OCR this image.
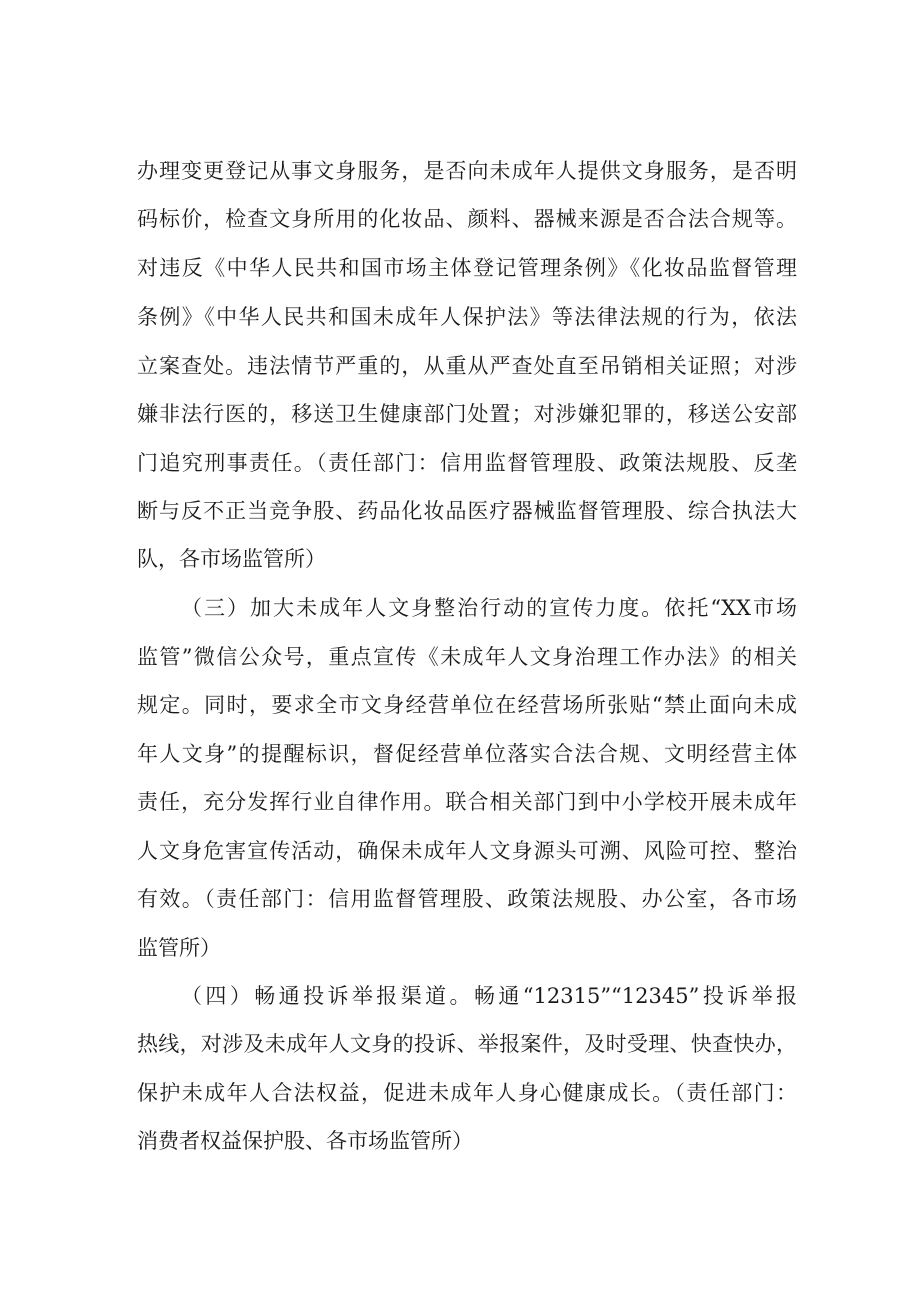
办理变更登记从事文身服务，是否向未成年人提供文身服务，是否明
码标价，检查文身所用的化妆品、颜料、器械来源是否合法合规等。
对违反《中华人民共和国市场主体登记管理条例》《化妆品监督管理
条例》《中华人民共和国未成年人保护法》等法律法规的行为，依法
立案查处。违法情节严重的，从重从严查处直至吊销相关证照；对涉
嫌非法行医的，移送卫生健康部门处置；对涉嫌犯罪的，移送公安部
门追究刑事责任。（责任部门：信用监督管理股、政策法规股、反垄
断与反不正当竞争股、药品化妆品医疗器械监督管理股、综合执法大
队，各市场监管所）
（三）加大未成年人文身整治行动的宣传力度。依托“XX市场
监管”微信公众号，重点宣传《未成年人文身治理工作办法》的相关
规定。同时，要求全市文身经营单位在经营场所张贴“禁止面向未成
年人文身”的提醒标识，督促经营单位落实合法合规、文明经营主体
责任，充分发挥行业自律作用。联合相关部门到中小学校开展未成年
人文身危害宣传活动，确保未成年人文身源头可溯、风险可控、整治
有效。（责任部门：信用监督管理股、政策法规股、办公室，各市场
监管所）
（四）畅通投诉举报渠道。畅通“12315”“12345”投诉举报
热线，对涉及未成年人文身的投诉、举报案件，及时受理、快查快办，
保护未成年人合法权益，促进未成年人身心健康成长。（责任部门：
消费者权益保护股、各市场监管所）
